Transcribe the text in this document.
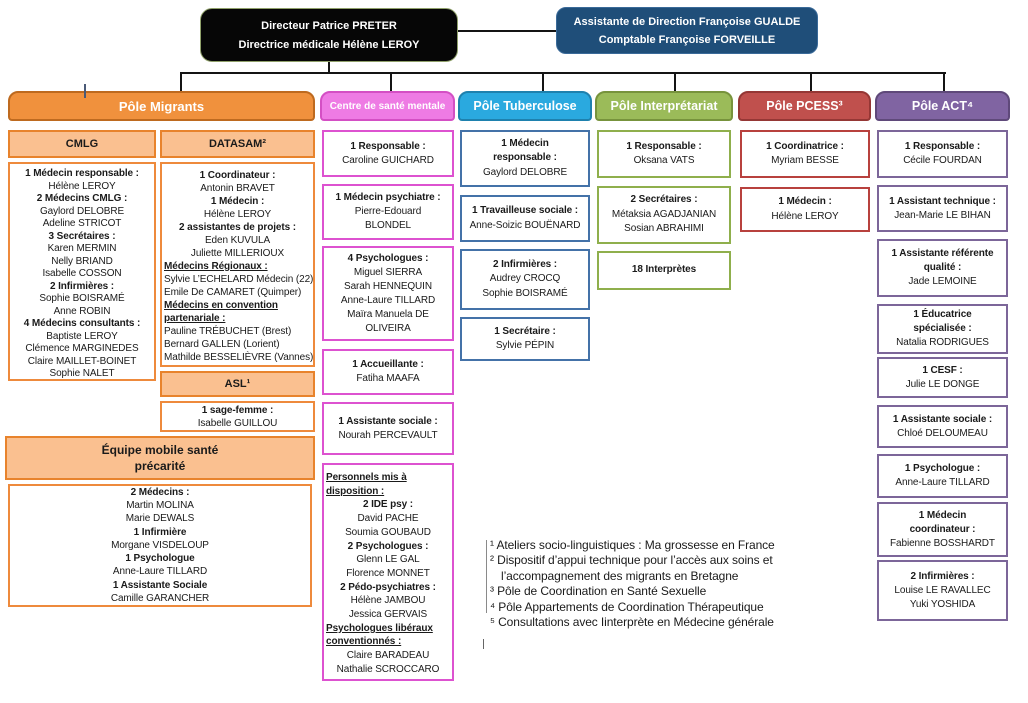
Directeur Patrice PRETER
Directrice médicale Hélène LEROY
Assistante de Direction Françoise GUALDE
Comptable Françoise FORVEILLE
Pôle Migrants	Centre de santé mentale	Pôle Tuberculose	Pôle Interprétariat	Pôle PCESS³	Pôle ACT⁴
CMLG
1 Médecin responsable :
Hélène LEROY
2 Médecins CMLG :
Gaylord DELOBRE
Adeline STRICOT
3 Secrétaires :
Karen MERMIN
Nelly BRIAND
Isabelle COSSON
2 Infirmières :
Sophie BOISRAMÉ
Anne ROBIN
4 Médecins consultants :
Baptiste LEROY
Clémence MARGINEDES
Claire MAILLET-BOINET
Sophie NALET
DATASAM²
1 Coordinateur :
Antonin BRAVET
1 Médecin :
Hélène LEROY
2 assistantes de projets :
Eden KUVULA
Juliette MILLERIOUX
Médecins Régionaux :
Sylvie L’ECHELARD Médecin (22)
Emile De CAMARET (Quimper)
Médecins en convention
partenariale :
Pauline TRÉBUCHET (Brest)
Bernard GALLEN (Lorient)
Mathilde BESSELIÈVRE (Vannes)
ASL¹
1 sage-femme :
Isabelle GUILLOU
Équipe mobile santé
précarité
2 Médecins :
Martin MOLINA
Marie DEWALS
1 Infirmière
Morgane VISDELOUP
1 Psychologue
Anne-Laure TILLARD
1 Assistante Sociale
Camille GARANCHER
1 Responsable :
Caroline GUICHARD
1 Médecin psychiatre :
Pierre-Edouard
BLONDEL
4 Psychologues :
Miguel SIERRA
Sarah HENNEQUIN
Anne-Laure TILLARD
Maïra Manuela DE
OLIVEIRA
1 Accueillante :
Fatiha MAAFA
1 Assistante sociale :
Nourah PERCEVAULT
Personnels mis à
disposition :
2 IDE psy :
David PACHE
Soumia GOUBAUD
2 Psychologues :
Glenn LE GAL
Florence MONNET
2 Pédo-psychiatres :
Hélène JAMBOU
Jessica GERVAIS
Psychologues libéraux
conventionnés :
Claire BARADEAU
Nathalie SCROCCARO
1 Médecin
responsable :
Gaylord DELOBRE
1 Travailleuse sociale :
Anne-Soizic BOUËNARD
2 Infirmières :
Audrey CROCQ
Sophie BOISRAMÉ
1 Secrétaire :
Sylvie PÉPIN
1 Responsable :
Oksana VATS
2 Secrétaires :
Métaksia AGADJANIAN
Sosian ABRAHIMI
18 Interprètes
1 Coordinatrice :
Myriam BESSE
1 Médecin :
Hélène LEROY
1 Responsable :
Cécile FOURDAN
1 Assistant technique :
Jean-Marie LE BIHAN
1 Assistante référente
qualité :
Jade LEMOINE
1 Éducatrice
spécialisée :
Natalia RODRIGUES
1 CESF :
Julie LE DONGE
1 Assistante sociale :
Chloé DELOUMEAU
1 Psychologue :
Anne-Laure TILLARD
1 Médecin
coordinateur :
Fabienne BOSSHARDT
2 Infirmières :
Louise LE RAVALLEC
Yuki YOSHIDA
¹ Ateliers socio-linguistiques : Ma grossesse en France
² Dispositif d’appui technique pour l’accès aux soins et l’accompagnement des migrants en Bretagne
³ Pôle de Coordination en Santé Sexuelle
⁴ Pôle Appartements de Coordination Thérapeutique
⁵ Consultations avec Iinterprète en Médecine générale
